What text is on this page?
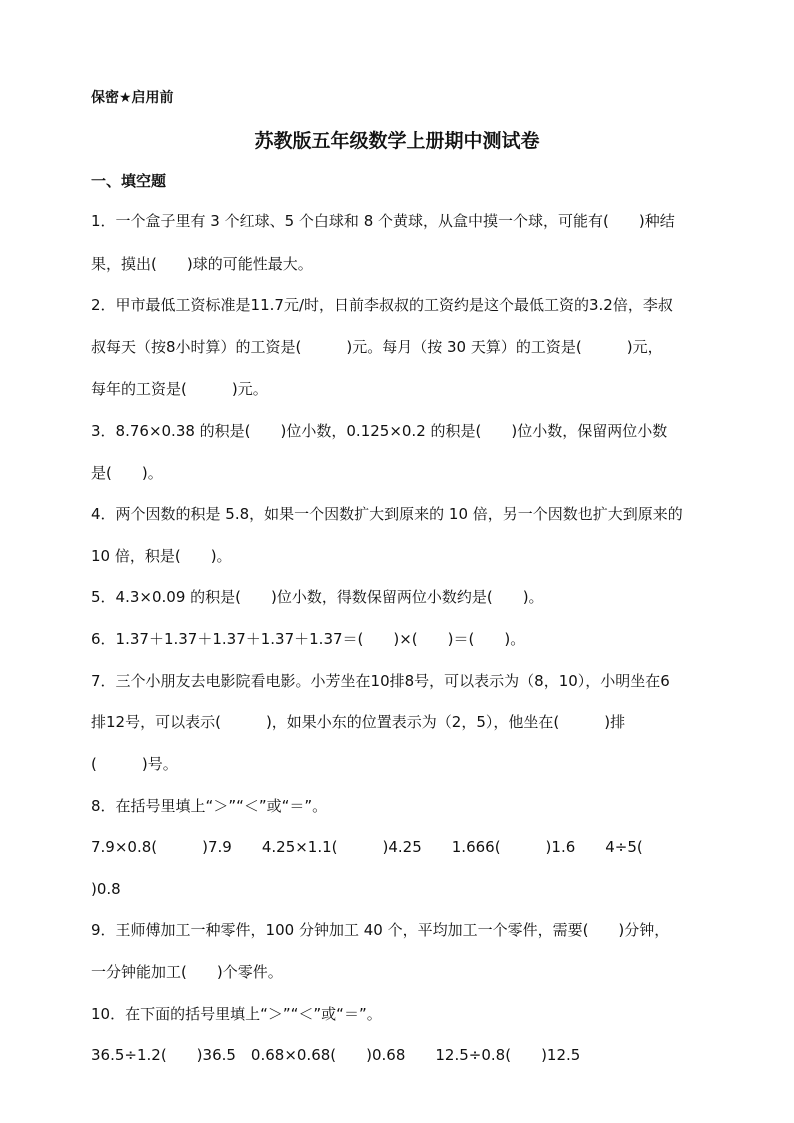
保密★启用前
苏教版五年级数学上册期中测试卷
一、填空题
1．一个盒子里有 3 个红球、5 个白球和 8 个黄球，从盒中摸一个球，可能有(　　)种结
果，摸出(　　)球的可能性最大。
2．甲市最低工资标准是11.7元/时，日前李叔叔的工资约是这个最低工资的3.2倍，李叔
叔每天（按8小时算）的工资是(　　　)元。每月（按 30 天算）的工资是(　　　)元，
每年的工资是(　　　)元。
3．8.76×0.38 的积是(　　)位小数，0.125×0.2 的积是(　　)位小数，保留两位小数
是(　　)。
4．两个因数的积是 5.8，如果一个因数扩大到原来的 10 倍，另一个因数也扩大到原来的
10 倍，积是(　　)。
5．4.3×0.09 的积是(　　)位小数，得数保留两位小数约是(　　)。
6．1.37＋1.37＋1.37＋1.37＋1.37＝(　　)×(　　)＝(　　)。
7．三个小朋友去电影院看电影。小芳坐在10排8号，可以表示为（8，10），小明坐在6
排12号，可以表示(　　　)，如果小东的位置表示为（2，5），他坐在(　　　)排
(　　　)号。
8．在括号里填上“＞”“＜”或“＝”。
7.9×0.8(　　　)7.9　　4.25×1.1(　　　)4.25　　1.666(　　　)1.6　　4÷5(
)0.8
9．王师傅加工一种零件，100 分钟加工 40 个，平均加工一个零件，需要(　　)分钟，
一分钟能加工(　　)个零件。
10．在下面的括号里填上“＞”“＜”或“＝”。
36.5÷1.2(　　)36.5　0.68×0.68(　　)0.68　　12.5÷0.8(　　)12.5
